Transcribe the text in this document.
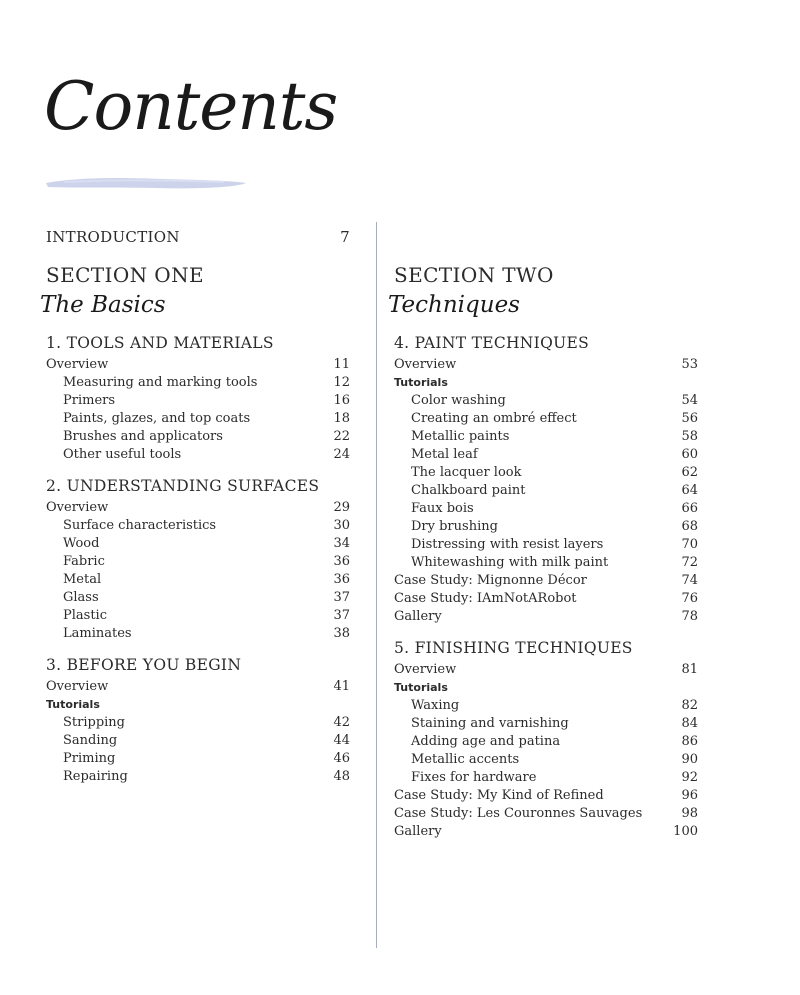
Contents
INTRODUCTION	7
SECTION ONE
The Basics
1. TOOLS AND MATERIALS
Overview	11
Measuring and marking tools	12
Primers	16
Paints, glazes, and top coats	18
Brushes and applicators	22
Other useful tools	24
2. UNDERSTANDING SURFACES
Overview	29
Surface characteristics	30
Wood	34
Fabric	36
Metal	36
Glass	37
Plastic	37
Laminates	38
3. BEFORE YOU BEGIN
Overview	41
Tutorials
Stripping	42
Sanding	44
Priming	46
Repairing	48
SECTION TWO
Techniques
4. PAINT TECHNIQUES
Overview	53
Tutorials
Color washing	54
Creating an ombré effect	56
Metallic paints	58
Metal leaf	60
The lacquer look	62
Chalkboard paint	64
Faux bois	66
Dry brushing	68
Distressing with resist layers	70
Whitewashing with milk paint	72
Case Study: Mignonne Décor	74
Case Study: IAmNotARobot	76
Gallery	78
5. FINISHING TECHNIQUES
Overview	81
Tutorials
Waxing	82
Staining and varnishing	84
Adding age and patina	86
Metallic accents	90
Fixes for hardware	92
Case Study: My Kind of Refined	96
Case Study: Les Couronnes Sauvages	98
Gallery	100
